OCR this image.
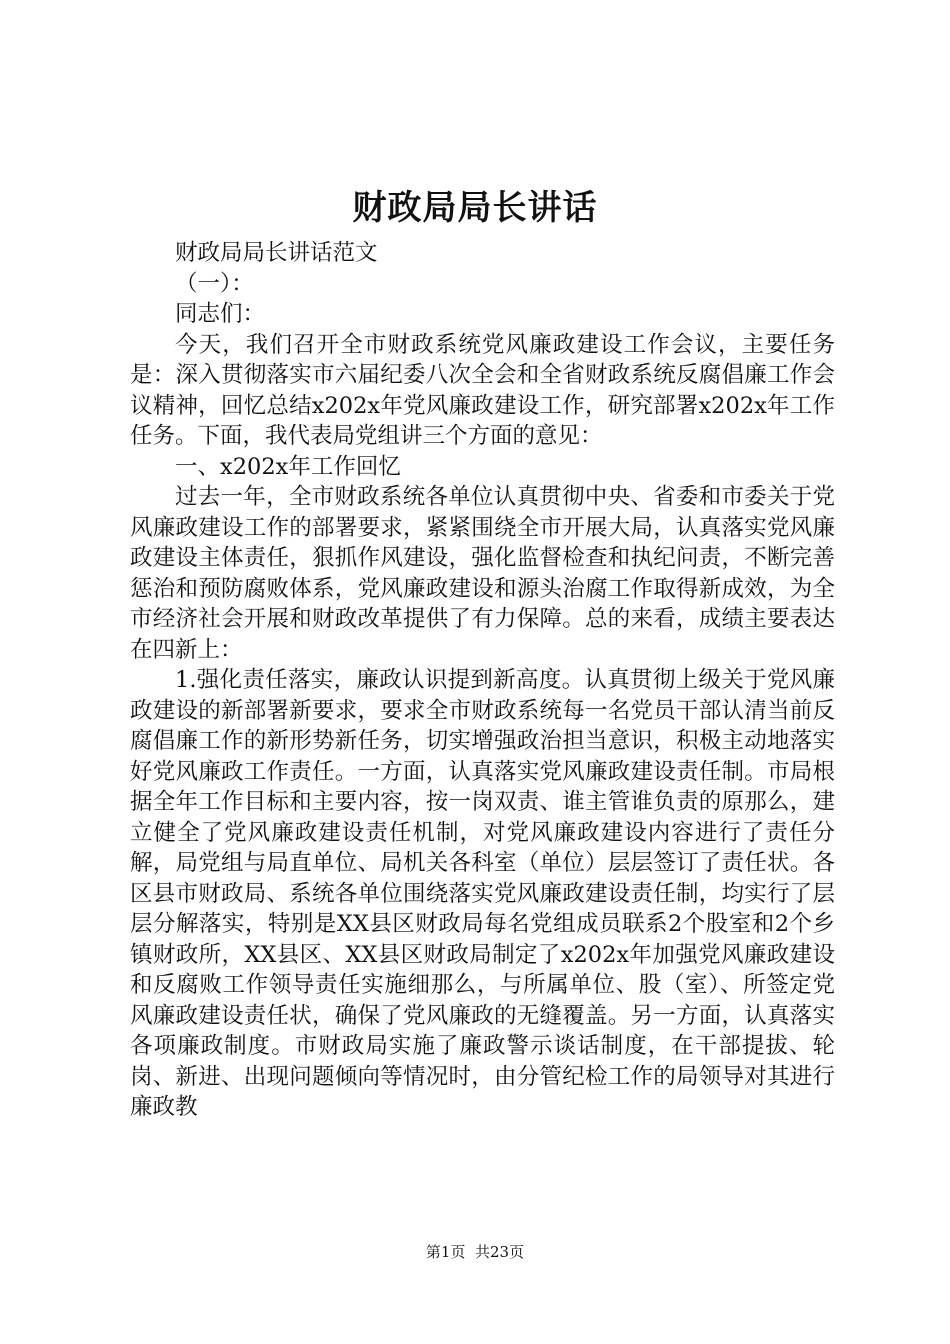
财政局局长讲话

财政局局长讲话范文

（一）：

同志们：

今天，我们召开全市财政系统党风廉政建设工作会议，主要任务是：深入贯彻落实市六届纪委八次全会和全省财政系统反腐倡廉工作会议精神，回忆总结x202x年党风廉政建设工作，研究部署x202x年工作任务。下面，我代表局党组讲三个方面的意见：

一、x202x年工作回忆

过去一年，全市财政系统各单位认真贯彻中央、省委和市委关于党风廉政建设工作的部署要求，紧紧围绕全市开展大局，认真落实党风廉政建设主体责任，狠抓作风建设，强化监督检查和执纪问责，不断完善惩治和预防腐败体系，党风廉政建设和源头治腐工作取得新成效，为全市经济社会开展和财政改革提供了有力保障。总的来看，成绩主要表达在四新上：

1.强化责任落实，廉政认识提到新高度。认真贯彻上级关于党风廉政建设的新部署新要求，要求全市财政系统每一名党员干部认清当前反腐倡廉工作的新形势新任务，切实增强政治担当意识，积极主动地落实好党风廉政工作责任。一方面，认真落实党风廉政建设责任制。市局根据全年工作目标和主要内容，按一岗双责、谁主管谁负责的原那么，建立健全了党风廉政建设责任机制，对党风廉政建设内容进行了责任分解，局党组与局直单位、局机关各科室（单位）层层签订了责任状。各区县市财政局、系统各单位围绕落实党风廉政建设责任制，均实行了层层分解落实，特别是XX县区财政局每名党组成员联系2个股室和2个乡镇财政所，XX县区、XX县区财政局制定了x202x年加强党风廉政建设和反腐败工作领导责任实施细那么，与所属单位、股（室）、所签定党风廉政建设责任状，确保了党风廉政的无缝覆盖。另一方面，认真落实各项廉政制度。市财政局实施了廉政警示谈话制度，在干部提拔、轮岗、新进、出现问题倾向等情况时，由分管纪检工作的局领导对其进行廉政教

第1页 共23页
